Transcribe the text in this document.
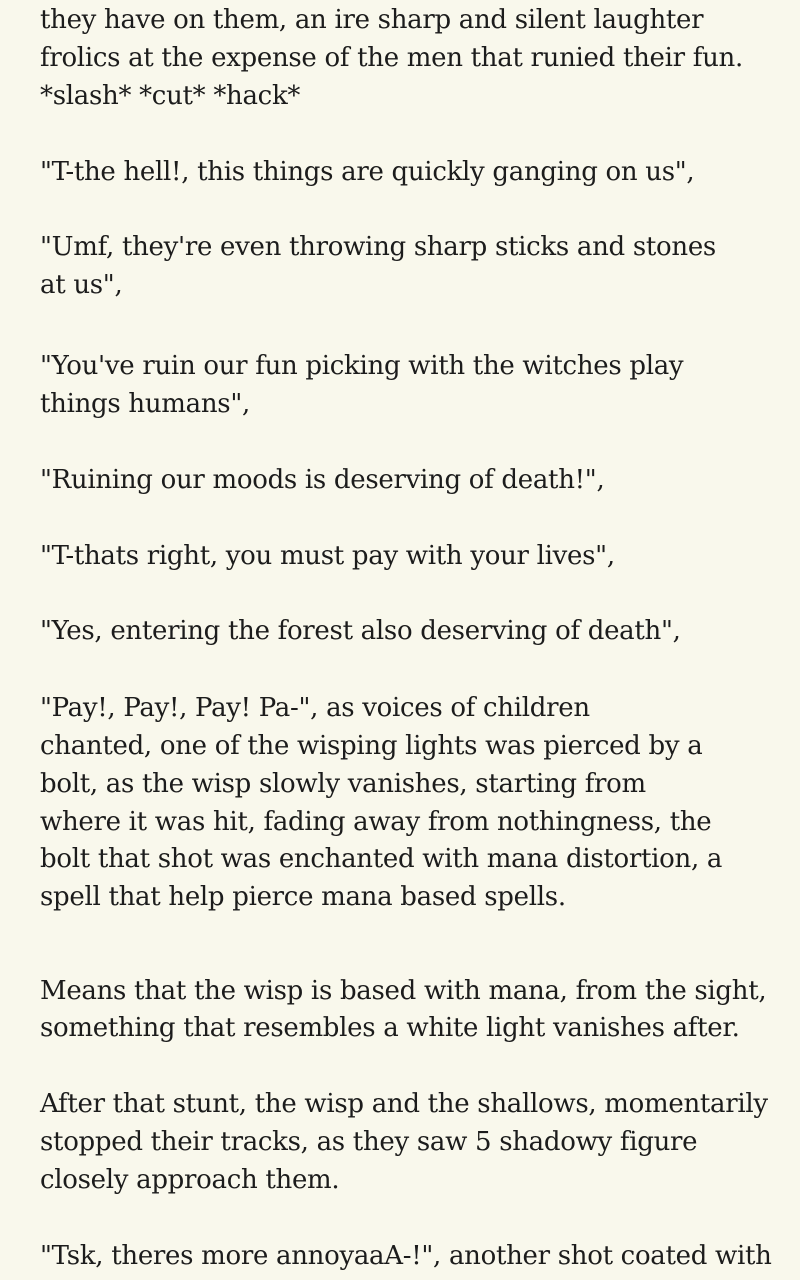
they have on them, an ire sharp and silent laughter
frolics at the expense of the men that runied their fun.
*slash* *cut* *hack*
"T-the hell!, this things are quickly ganging on us",
"Umf, they're even throwing sharp sticks and stones
at us",
"You've ruin our fun picking with the witches play
things humans",
"Ruining our moods is deserving of death!",
"T-thats right, you must pay with your lives",
"Yes, entering the forest also deserving of death",
"Pay!, Pay!, Pay! Pa-", as voices of children
chanted, one of the wisping lights was pierced by a
bolt, as the wisp slowly vanishes, starting from
where it was hit, fading away from nothingness, the
bolt that shot was enchanted with mana distortion, a
spell that help pierce mana based spells.
Means that the wisp is based with mana, from the sight,
something that resembles a white light vanishes after.
After that stunt, the wisp and the shallows, momentarily
stopped their tracks, as they saw 5 shadowy figure
closely approach them.
"Tsk, theres more annoyaaA-!", another shot coated with
